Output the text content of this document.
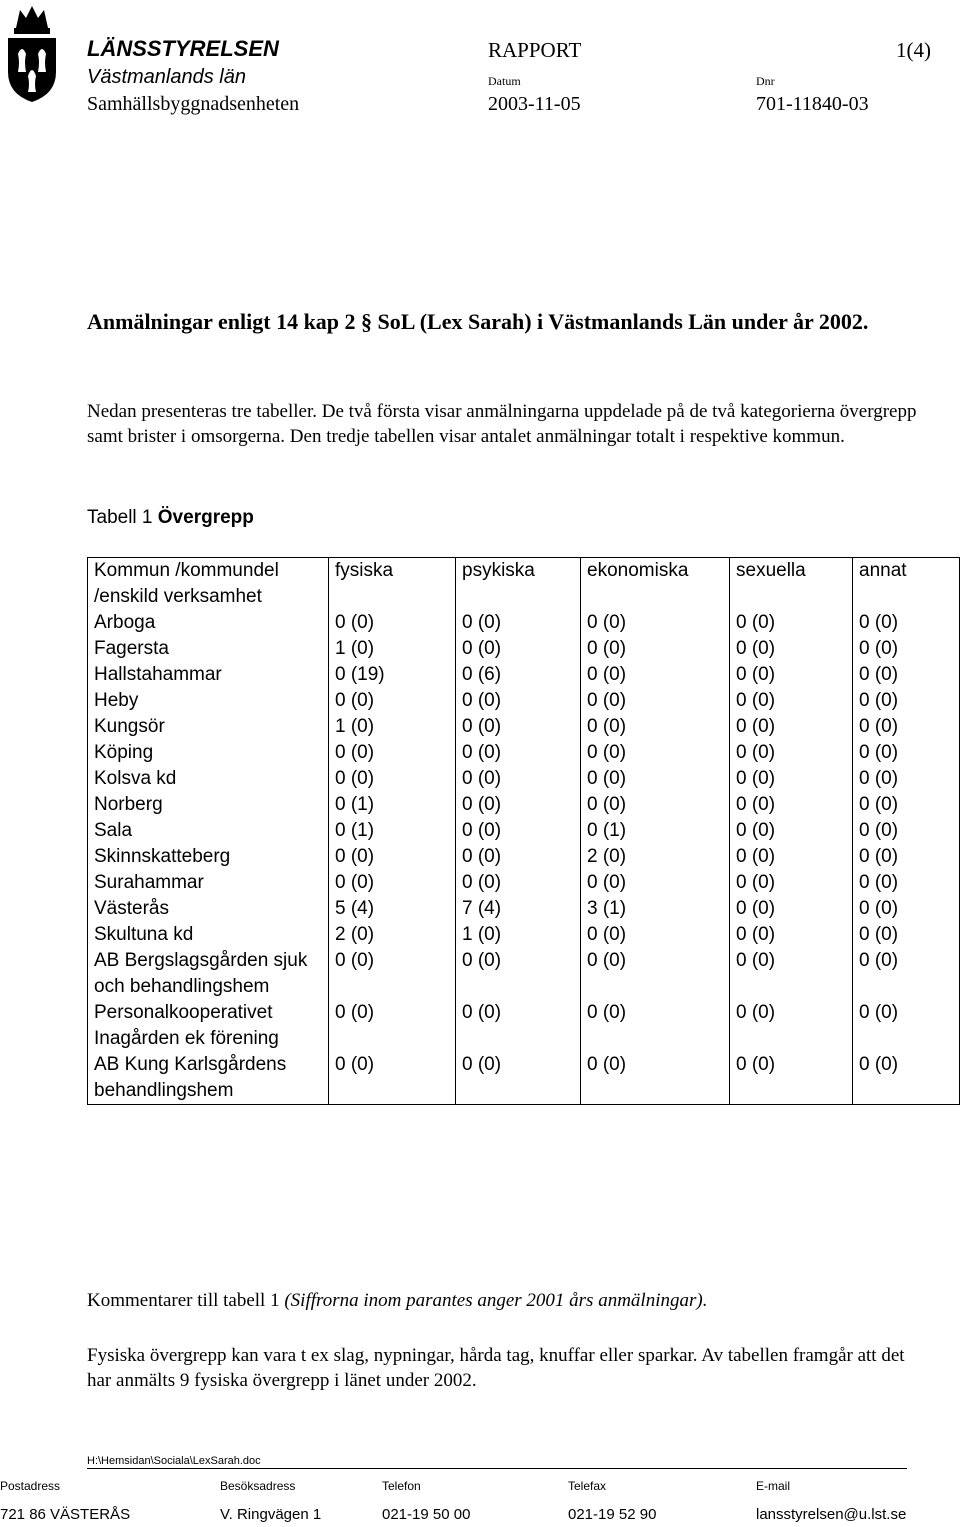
LÄNSSTYRELSEN
Västmanlands län
Samhällsbyggnadsenheten
RAPPORT	1(4)
Datum	Dnr
2003-11-05	701-11840-03
Anmälningar enligt 14 kap 2 § SoL (Lex Sarah) i Västmanlands Län under år 2002.
Nedan presenteras tre tabeller. De två första visar anmälningarna uppdelade på de två kategorierna övergrepp samt brister i omsorgerna. Den tredje tabellen visar antalet anmälningar totalt i respektive kommun.
Tabell 1 Övergrepp
Kommun /kommundel /enskild verksamhet	fysiska	psykiska	ekonomiska	sexuella	annat
Arboga	0 (0)	0 (0)	0 (0)	0 (0)	0 (0)
Fagersta	1 (0)	0 (0)	0 (0)	0 (0)	0 (0)
Hallstahammar	0 (19)	0 (6)	0 (0)	0 (0)	0 (0)
Heby	0 (0)	0 (0)	0 (0)	0 (0)	0 (0)
Kungsör	1 (0)	0 (0)	0 (0)	0 (0)	0 (0)
Köping	0 (0)	0 (0)	0 (0)	0 (0)	0 (0)
Kolsva kd	0 (0)	0 (0)	0 (0)	0 (0)	0 (0)
Norberg	0 (1)	0 (0)	0 (0)	0 (0)	0 (0)
Sala	0 (1)	0 (0)	0 (1)	0 (0)	0 (0)
Skinnskatteberg	0 (0)	0 (0)	2 (0)	0 (0)	0 (0)
Surahammar	0 (0)	0 (0)	0 (0)	0 (0)	0 (0)
Västerås	5 (4)	7 (4)	3 (1)	0 (0)	0 (0)
Skultuna kd	2 (0)	1 (0)	0 (0)	0 (0)	0 (0)
AB Bergslagsgården sjuk och behandlingshem	0 (0)	0 (0)	0 (0)	0 (0)	0 (0)
Personalkooperativet Inagården ek förening	0 (0)	0 (0)	0 (0)	0 (0)	0 (0)
AB Kung Karlsgårdens behandlingshem	0 (0)	0 (0)	0 (0)	0 (0)	0 (0)
Kommentarer till tabell 1 (Siffrorna inom parantes anger 2001 års anmälningar).
Fysiska övergrepp kan vara t ex slag, nypningar, hårda tag, knuffar eller sparkar. Av tabellen framgår att det har anmälts 9 fysiska övergrepp i länet under 2002.
H:\Hemsidan\Sociala\LexSarah.doc
Postadress	Besöksadress	Telefon	Telefax	E-mail
721 86 VÄSTERÅS	V. Ringvägen 1	021-19 50 00	021-19 52 90	lansstyrelsen@u.lst.se
